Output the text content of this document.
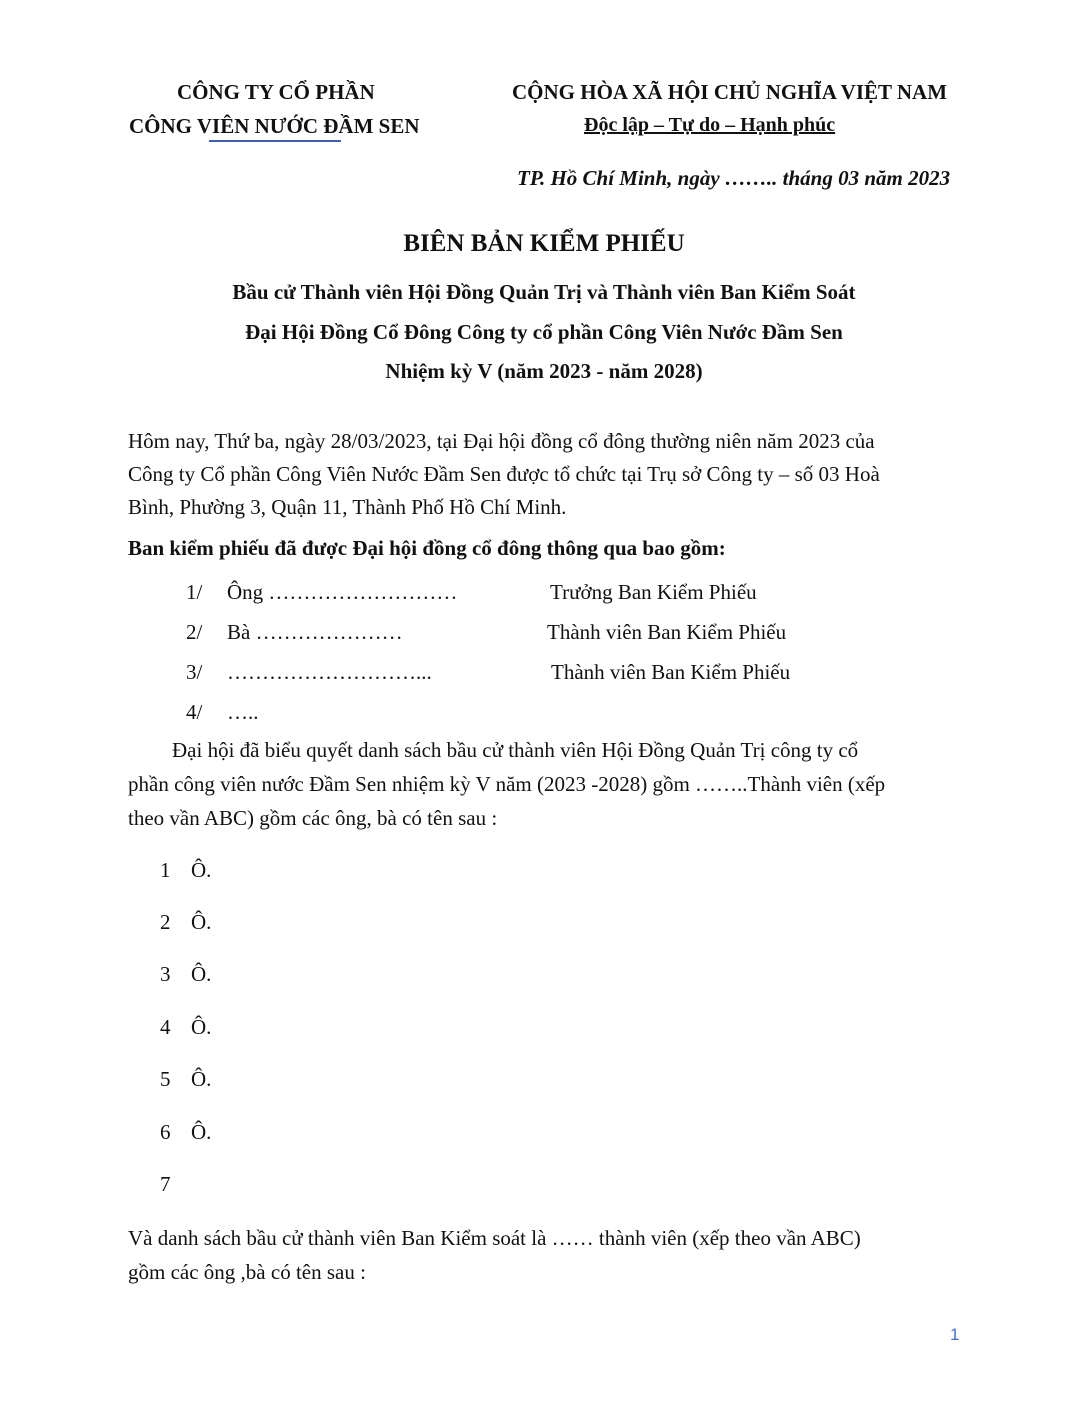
CÔNG TY CỔ PHẦN
CÔNG VIÊN NƯỚC ĐẦM SEN
CỘNG HÒA XÃ HỘI CHỦ NGHĨA VIỆT NAM
Độc lập – Tự do – Hạnh phúc
TP. Hồ Chí Minh, ngày …….. tháng 03 năm 2023
BIÊN BẢN KIỂM PHIẾU
Bầu cử Thành viên Hội Đồng Quản Trị và Thành viên Ban Kiểm Soát
Đại Hội Đồng Cổ Đông Công ty cổ phần Công Viên Nước Đầm Sen
Nhiệm kỳ V (năm 2023 - năm 2028)
Hôm nay, Thứ ba, ngày 28/03/2023, tại Đại hội đồng cổ đông thường niên năm 2023 của
Công ty Cổ phần Công Viên Nước Đầm Sen được tổ chức tại Trụ sở Công ty – số 03 Hoà
Bình, Phường 3, Quận 11, Thành Phố Hồ Chí Minh.
Ban kiểm phiếu đã được Đại hội đồng cổ đông thông qua bao gồm:
1/ Ông ………………………	Trưởng Ban Kiểm Phiếu
2/ Bà …………………	Thành viên Ban Kiểm Phiếu
3/ ………………………...	Thành viên Ban Kiểm Phiếu
4/ …..
Đại hội đã biểu quyết danh sách bầu cử thành viên Hội Đồng Quản Trị công ty cổ
phần công viên nước Đầm Sen nhiệm kỳ V năm (2023 -2028) gồm ……..Thành viên (xếp
theo vần ABC) gồm các ông, bà có tên sau :
1 Ô.
2 Ô.
3 Ô.
4 Ô.
5 Ô.
6 Ô.
7
Và danh sách bầu cử thành viên Ban Kiểm soát là …… thành viên (xếp theo vần ABC)
gồm các ông ,bà có tên sau :
1
